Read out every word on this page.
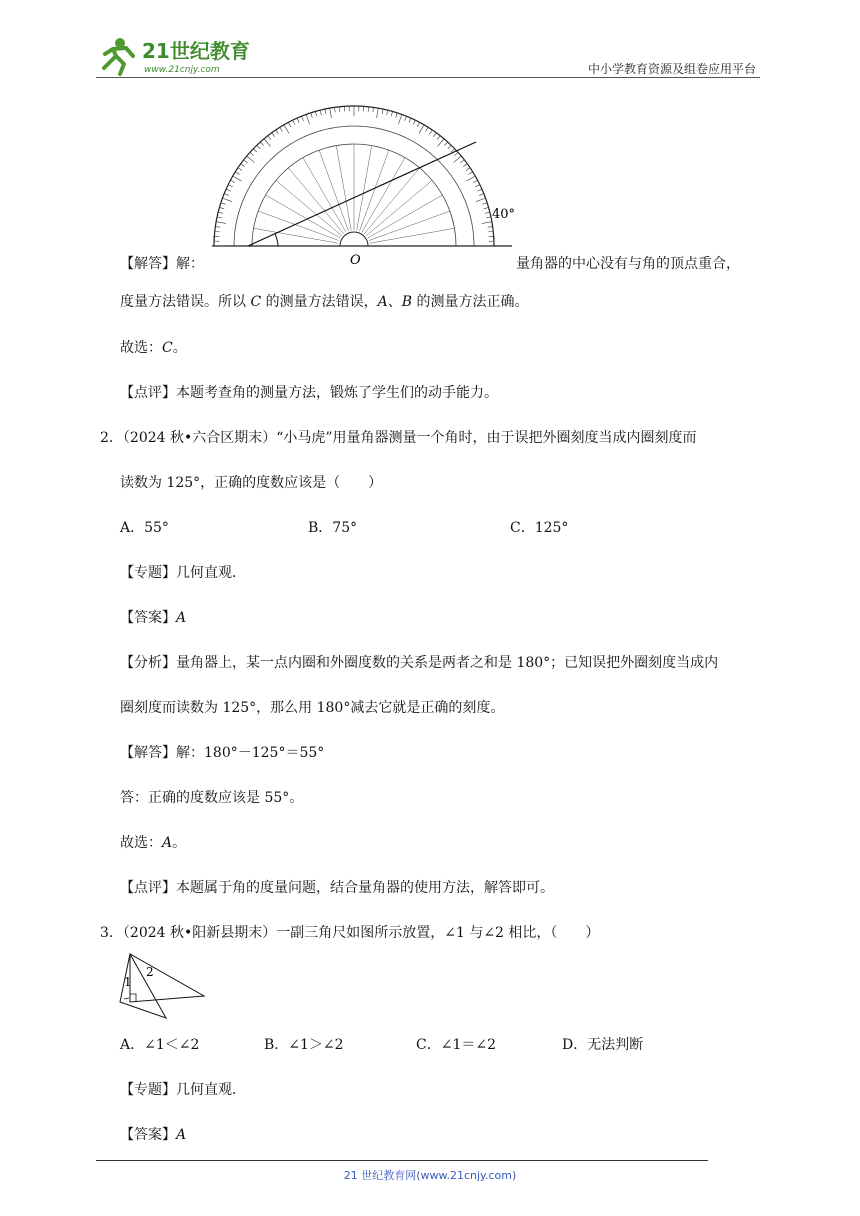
21世纪教育
www.21cnjy.com	中小学教育资源及组卷应用平台
40°
O
【解答】解：	量角器的中心没有与角的顶点重合，
度量方法错误。所以 C 的测量方法错误，A、B 的测量方法正确。
故选：C。
【点评】本题考查角的测量方法，锻炼了学生们的动手能力。
2．（2024 秋•六合区期末）“小马虎”用量角器测量一个角时，由于误把外圈刻度当成内圈刻度而
读数为 125°，正确的度数应该是（　　）
A．55°	B．75°	C．125°
【专题】几何直观．
【答案】A
【分析】量角器上，某一点内圈和外圈度数的关系是两者之和是 180°；已知误把外圈刻度当成内
圈刻度而读数为 125°，那么用 180°减去它就是正确的刻度。
【解答】解：180°－125°＝55°
答：正确的度数应该是 55°。
故选：A。
【点评】本题属于角的度量问题，结合量角器的使用方法，解答即可。
3．（2024 秋•阳新县期末）一副三角尺如图所示放置，∠1 与∠2 相比，（　　）
1
2
A．∠1＜∠2	B．∠1＞∠2	C．∠1＝∠2	D．无法判断
【专题】几何直观．
【答案】A
21 世纪教育网(www.21cnjy.com)
